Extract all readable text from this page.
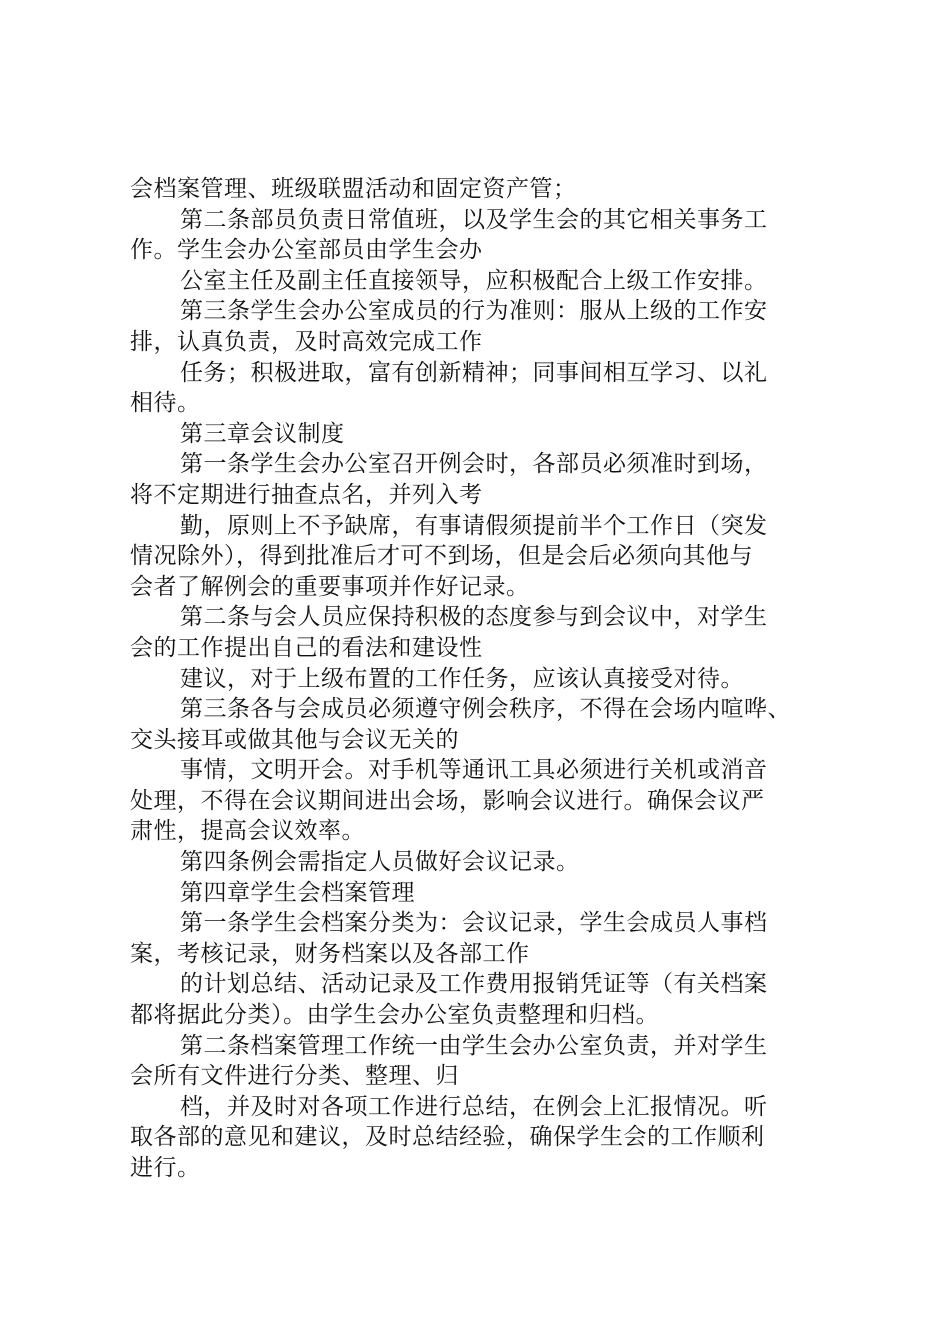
会档案管理、班级联盟活动和固定资产管；
第二条部员负责日常值班，以及学生会的其它相关事务工
作。学生会办公室部员由学生会办
公室主任及副主任直接领导，应积极配合上级工作安排。
第三条学生会办公室成员的行为准则：服从上级的工作安
排，认真负责，及时高效完成工作
任务；积极进取，富有创新精神；同事间相互学习、以礼
相待。
第三章会议制度
第一条学生会办公室召开例会时，各部员必须准时到场，
将不定期进行抽查点名，并列入考
勤，原则上不予缺席，有事请假须提前半个工作日（突发
情况除外），得到批准后才可不到场，但是会后必须向其他与
会者了解例会的重要事项并作好记录。
第二条与会人员应保持积极的态度参与到会议中，对学生
会的工作提出自己的看法和建设性
建议，对于上级布置的工作任务，应该认真接受对待。
第三条各与会成员必须遵守例会秩序，不得在会场内喧哗、
交头接耳或做其他与会议无关的
事情，文明开会。对手机等通讯工具必须进行关机或消音
处理，不得在会议期间进出会场，影响会议进行。确保会议严
肃性，提高会议效率。
第四条例会需指定人员做好会议记录。
第四章学生会档案管理
第一条学生会档案分类为：会议记录，学生会成员人事档
案，考核记录，财务档案以及各部工作
的计划总结、活动记录及工作费用报销凭证等（有关档案
都将据此分类）。由学生会办公室负责整理和归档。
第二条档案管理工作统一由学生会办公室负责，并对学生
会所有文件进行分类、整理、归
档，并及时对各项工作进行总结，在例会上汇报情况。听
取各部的意见和建议，及时总结经验，确保学生会的工作顺利
进行。
